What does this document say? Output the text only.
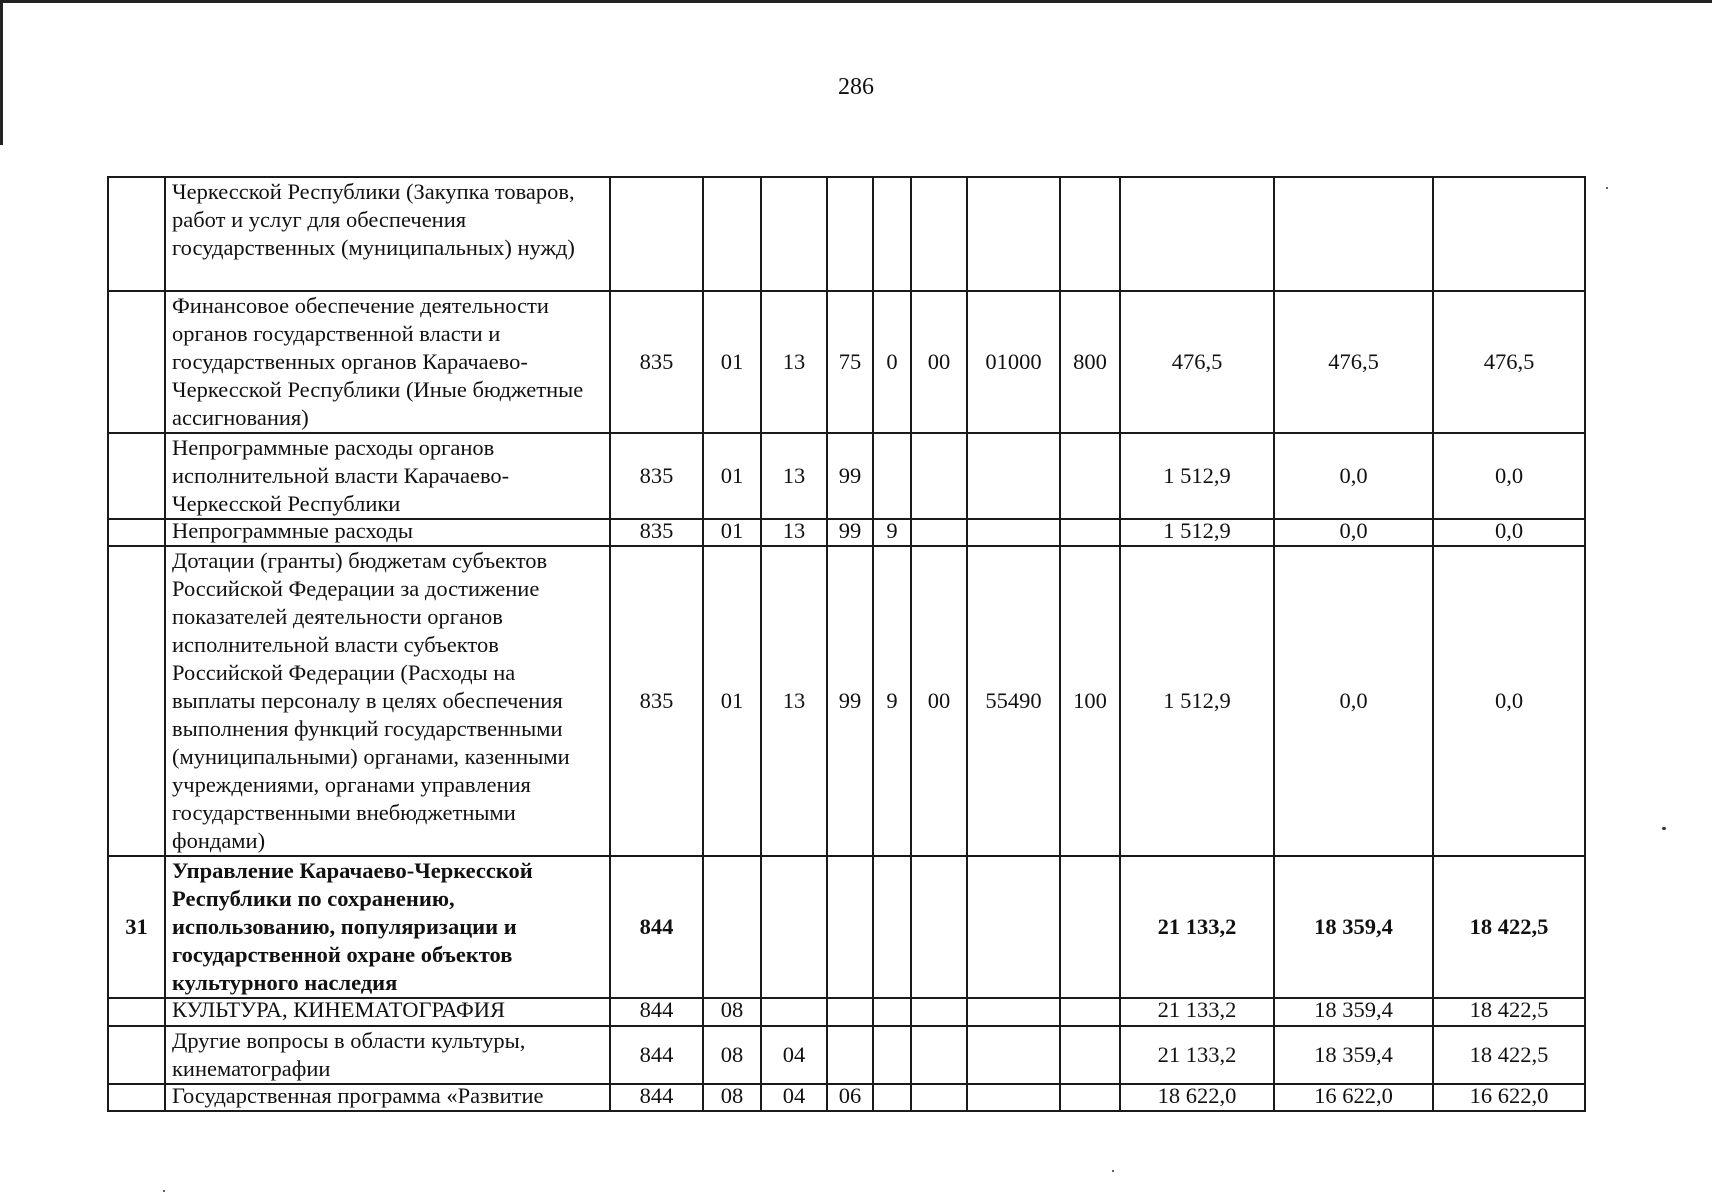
286
	Черкесской Республики (Закупка товаров, работ и услуг для обеспечения государственных (муниципальных) нужд)											
	Финансовое обеспечение деятельности органов государственной власти и государственных органов Карачаево-Черкесской Республики (Иные бюджетные ассигнования)	835	01	13	75	0	00	01000	800	476,5	476,5	476,5
	Непрограммные расходы органов исполнительной власти Карачаево-Черкесской Республики	835	01	13	99					1 512,9	0,0	0,0
	Непрограммные расходы	835	01	13	99	9				1 512,9	0,0	0,0
	Дотации (гранты) бюджетам субъектов Российской Федерации за достижение показателей деятельности органов исполнительной власти субъектов Российской Федерации (Расходы на выплаты персоналу в целях обеспечения выполнения функций государственными (муниципальными) органами, казенными учреждениями, органами управления государственными внебюджетными фондами)	835	01	13	99	9	00	55490	100	1 512,9	0,0	0,0
31	Управление Карачаево-Черкесской Республики по сохранению, использованию, популяризации и государственной охране объектов культурного наследия	844								21 133,2	18 359,4	18 422,5
	КУЛЬТУРА, КИНЕМАТОГРАФИЯ	844	08							21 133,2	18 359,4	18 422,5
	Другие вопросы в области культуры, кинематографии	844	08	04						21 133,2	18 359,4	18 422,5
	Государственная программа «Развитие	844	08	04	06					18 622,0	16 622,0	16 622,0
